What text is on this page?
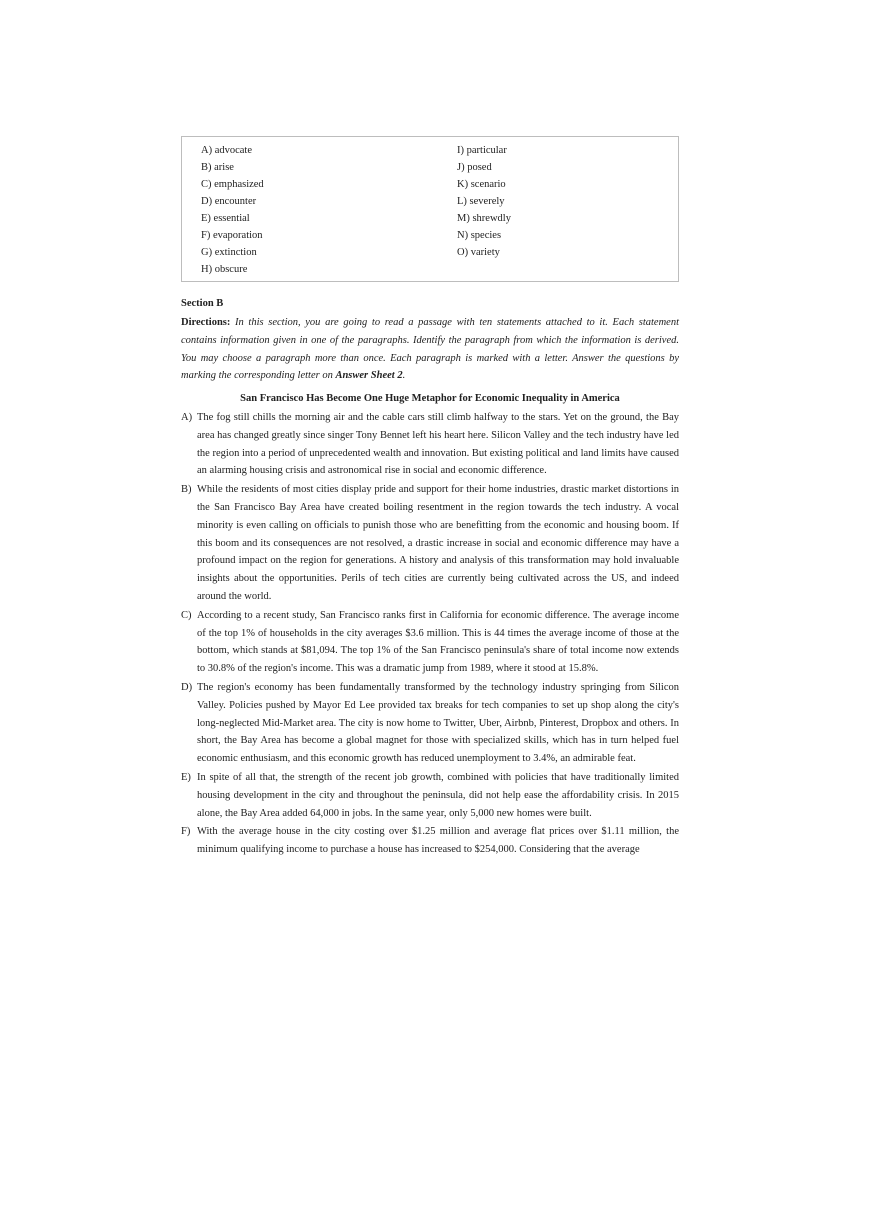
A) advocate
B) arise
C) emphasized
D) encounter
E) essential
F) evaporation
G) extinction
H) obscure
I) particular
J) posed
K) scenario
L) severely
M) shrewdly
N) species
O) variety
Section B
Directions: In this section, you are going to read a passage with ten statements attached to it. Each statement contains information given in one of the paragraphs. Identify the paragraph from which the information is derived. You may choose a paragraph more than once. Each paragraph is marked with a letter. Answer the questions by marking the corresponding letter on Answer Sheet 2.
San Francisco Has Become One Huge Metaphor for Economic Inequality in America
A) The fog still chills the morning air and the cable cars still climb halfway to the stars. Yet on the ground, the Bay area has changed greatly since singer Tony Bennet left his heart here. Silicon Valley and the tech industry have led the region into a period of unprecedented wealth and innovation. But existing political and land limits have caused an alarming housing crisis and astronomical rise in social and economic difference.
B) While the residents of most cities display pride and support for their home industries, drastic market distortions in the San Francisco Bay Area have created boiling resentment in the region towards the tech industry. A vocal minority is even calling on officials to punish those who are benefitting from the economic and housing boom. If this boom and its consequences are not resolved, a drastic increase in social and economic difference may have a profound impact on the region for generations. A history and analysis of this transformation may hold invaluable insights about the opportunities. Perils of tech cities are currently being cultivated across the US, and indeed around the world.
C) According to a recent study, San Francisco ranks first in California for economic difference. The average income of the top 1% of households in the city averages $3.6 million. This is 44 times the average income of those at the bottom, which stands at $81,094. The top 1% of the San Francisco peninsula's share of total income now extends to 30.8% of the region's income. This was a dramatic jump from 1989, where it stood at 15.8%.
D) The region's economy has been fundamentally transformed by the technology industry springing from Silicon Valley. Policies pushed by Mayor Ed Lee provided tax breaks for tech companies to set up shop along the city's long-neglected Mid-Market area. The city is now home to Twitter, Uber, Airbnb, Pinterest, Dropbox and others. In short, the Bay Area has become a global magnet for those with specialized skills, which has in turn helped fuel economic enthusiasm, and this economic growth has reduced unemployment to 3.4%, an admirable feat.
E) In spite of all that, the strength of the recent job growth, combined with policies that have traditionally limited housing development in the city and throughout the peninsula, did not help ease the affordability crisis. In 2015 alone, the Bay Area added 64,000 in jobs. In the same year, only 5,000 new homes were built.
F) With the average house in the city costing over $1.25 million and average flat prices over $1.11 million, the minimum qualifying income to purchase a house has increased to $254,000. Considering that the average
